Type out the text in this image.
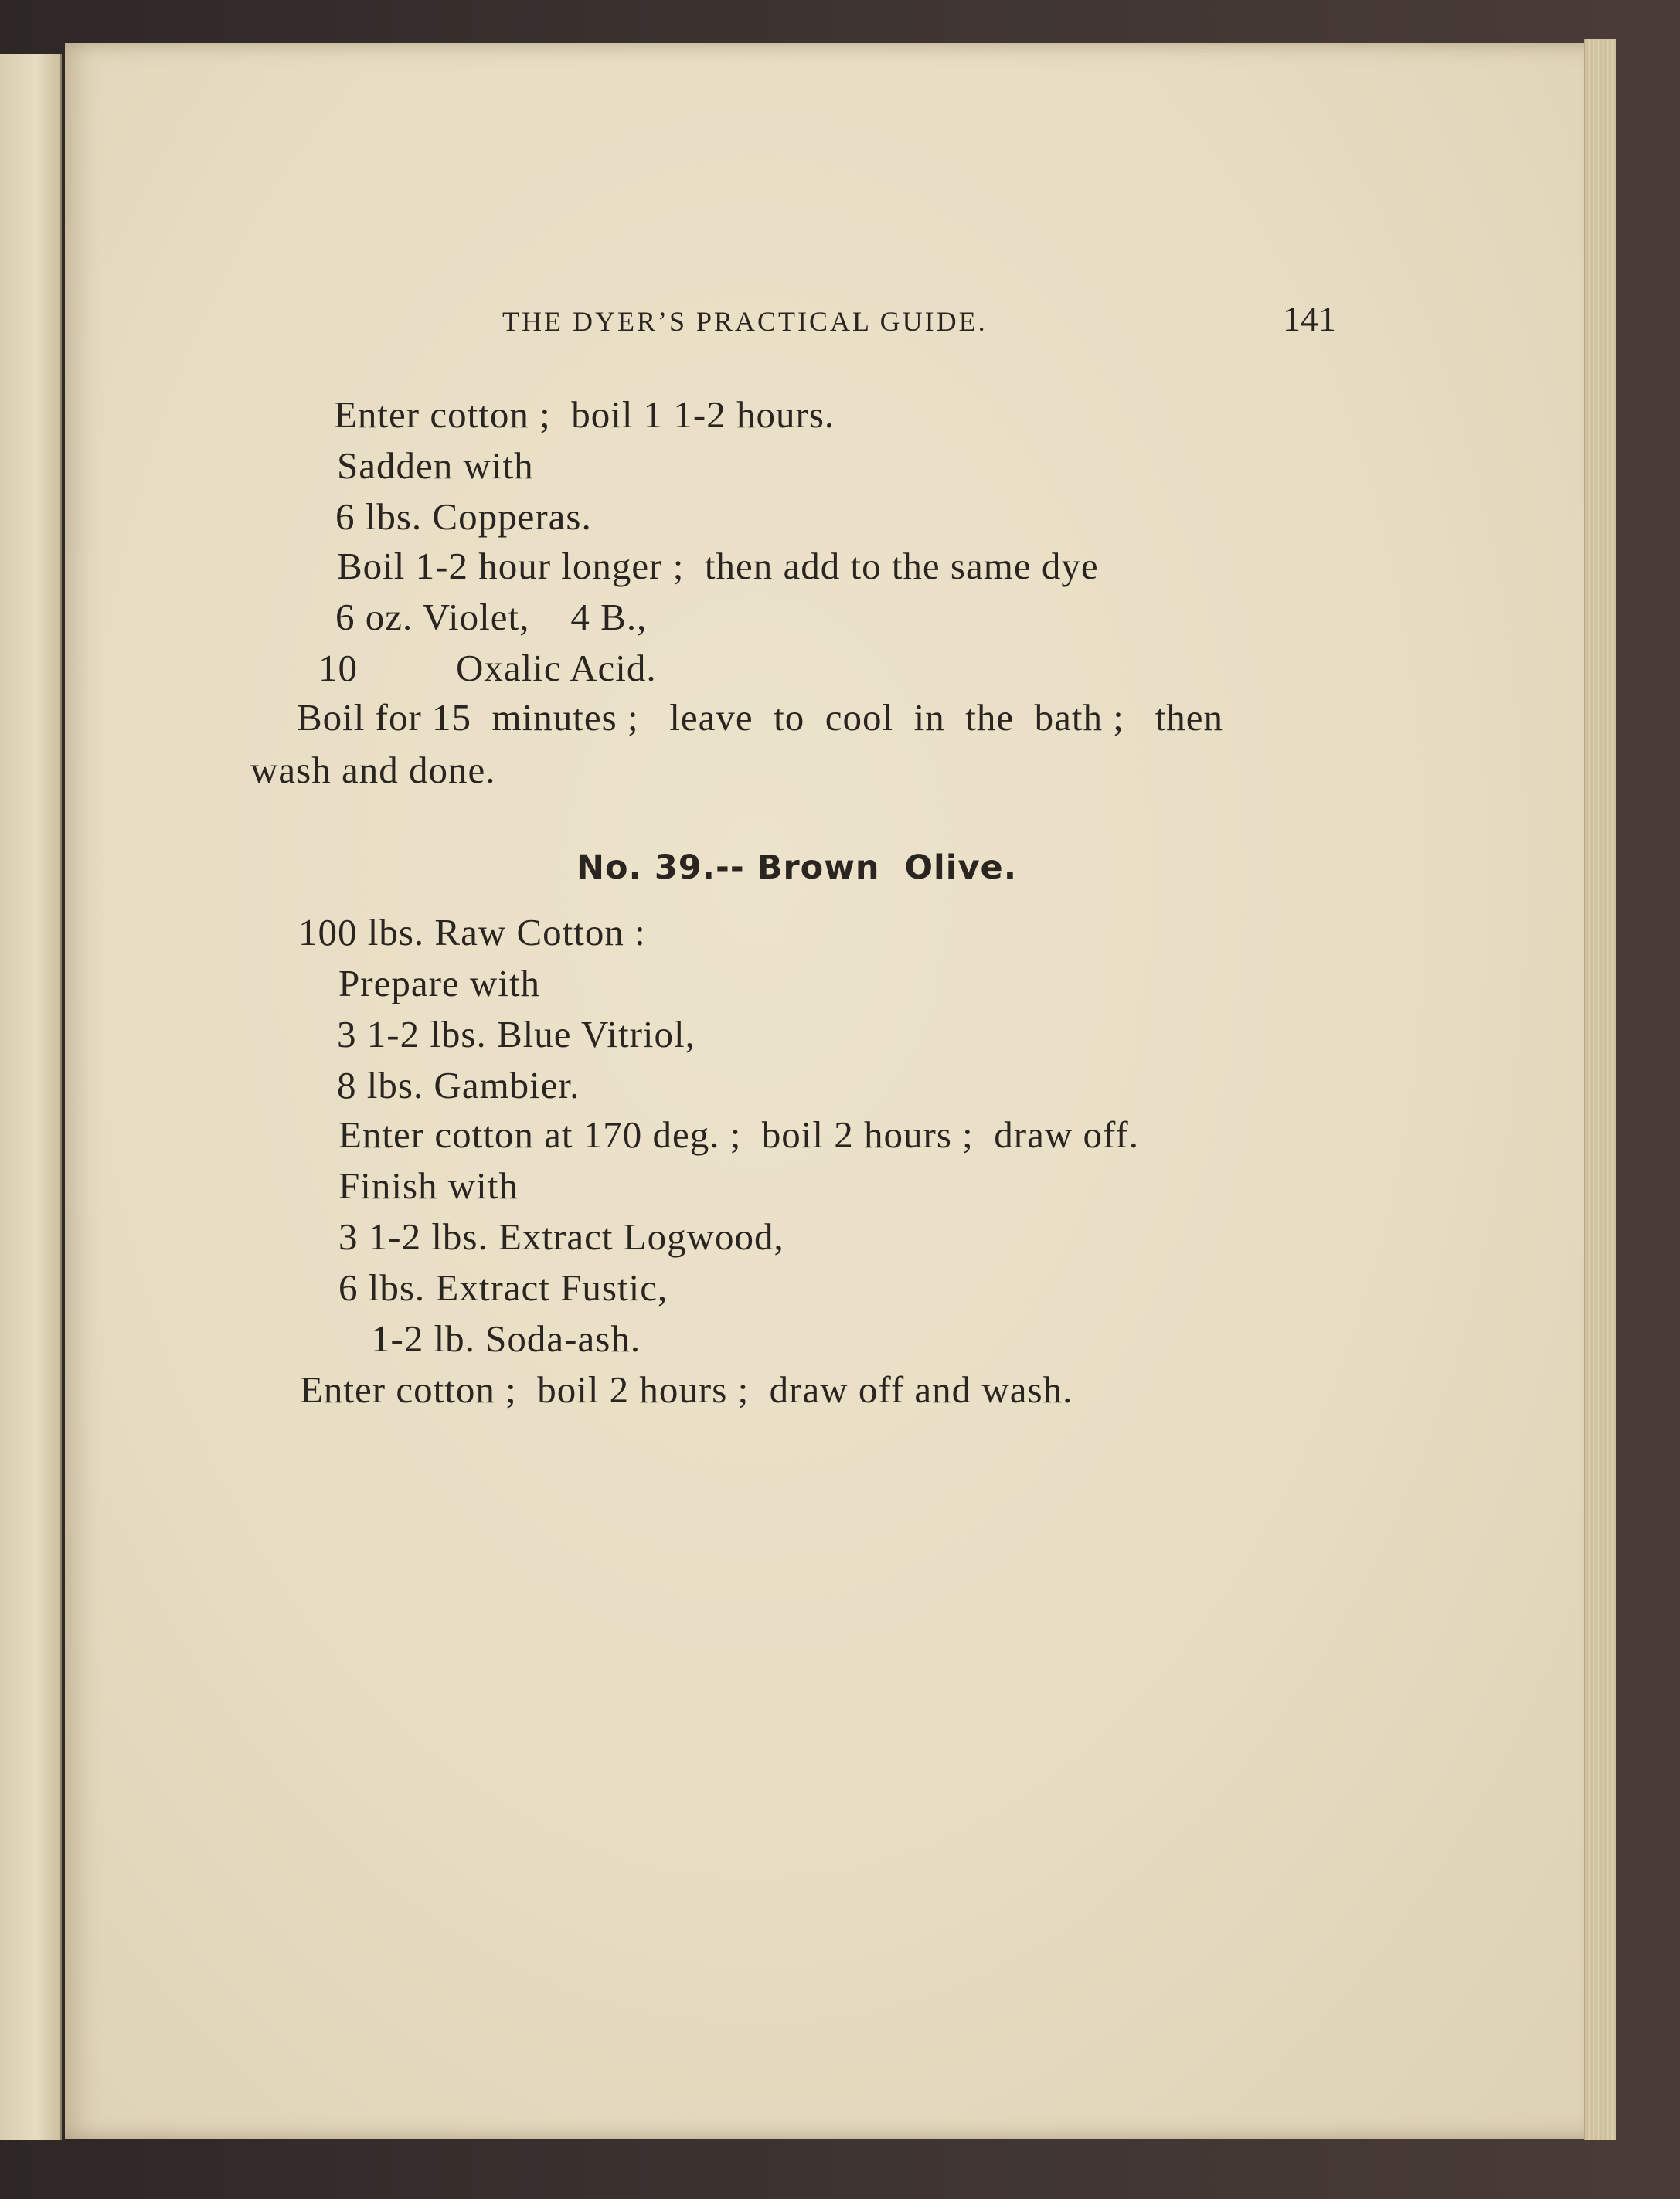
THE DYER’S PRACTICAL GUIDE.	141
Enter cotton ;  boil 1 1-2 hours.
Sadden with
6 lbs. Copperas.
Boil 1-2 hour longer ;  then add to the same dye
6 oz. Violet,    4 B.,
10	Oxalic Acid.
Boil for 15  minutes ;   leave  to  cool  in  the  bath ;   then
wash and done.
No. 39.-- Brown  Olive.
100 lbs. Raw Cotton :
Prepare with
3 1-2 lbs. Blue Vitriol,
8 lbs. Gambier.
Enter cotton at 170 deg. ;  boil 2 hours ;  draw off.
Finish with
3 1-2 lbs. Extract Logwood,
6 lbs. Extract Fustic,
1-2 lb. Soda-ash.
Enter cotton ;  boil 2 hours ;  draw off and wash.
